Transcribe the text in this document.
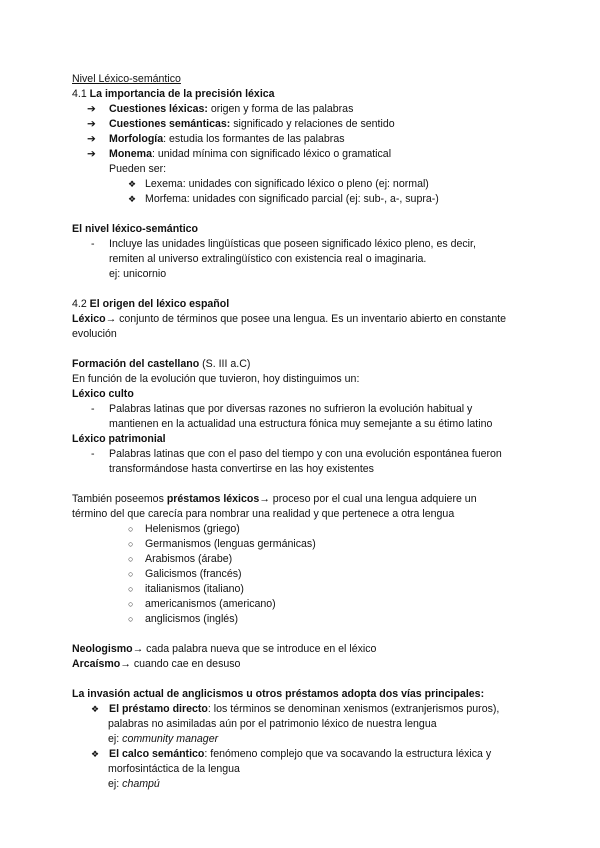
Nivel Léxico-semántico
4.1 La importancia de la precisión léxica
➔ Cuestiones léxicas: origen y forma de las palabras
➔ Cuestiones semánticas: significado y relaciones de sentido
➔ Morfología: estudia los formantes de las palabras
➔ Monema: unidad mínima con significado léxico o gramatical
Pueden ser:
❖ Lexema: unidades con significado léxico o pleno (ej: normal)
❖ Morfema: unidades con significado parcial (ej: sub-, a-, supra-)
El nivel léxico-semántico
- Incluye las unidades lingüísticas que poseen significado léxico pleno, es decir,
remiten al universo extralingüístico con existencia real o imaginaria.
ej: unicornio
4.2 El origen del léxico español
Léxico→ conjunto de términos que posee una lengua. Es un inventario abierto en constante
evolución
Formación del castellano (S. III a.C)
En función de la evolución que tuvieron, hoy distinguimos un:
Léxico culto
- Palabras latinas que por diversas razones no sufrieron la evolución habitual y
mantienen en la actualidad una estructura fónica muy semejante a su étimo latino
Léxico patrimonial
- Palabras latinas que con el paso del tiempo y con una evolución espontánea fueron
transformándose hasta convertirse en las hoy existentes
También poseemos préstamos léxicos→ proceso por el cual una lengua adquiere un
término del que carecía para nombrar una realidad y que pertenece a otra lengua
○ Helenismos (griego)
○ Germanismos (lenguas germánicas)
○ Arabismos (árabe)
○ Galicismos (francés)
○ italianismos (italiano)
○ americanismos (americano)
○ anglicismos (inglés)
Neologismo→ cada palabra nueva que se introduce en el léxico
Arcaísmo→ cuando cae en desuso
La invasión actual de anglicismos u otros préstamos adopta dos vías principales:
❖ El préstamo directo: los términos se denominan xenismos (extranjerismos puros),
palabras no asimiladas aún por el patrimonio léxico de nuestra lengua
ej: community manager
❖ El calco semántico: fenómeno complejo que va socavando la estructura léxica y
morfosintáctica de la lengua
ej: champú
